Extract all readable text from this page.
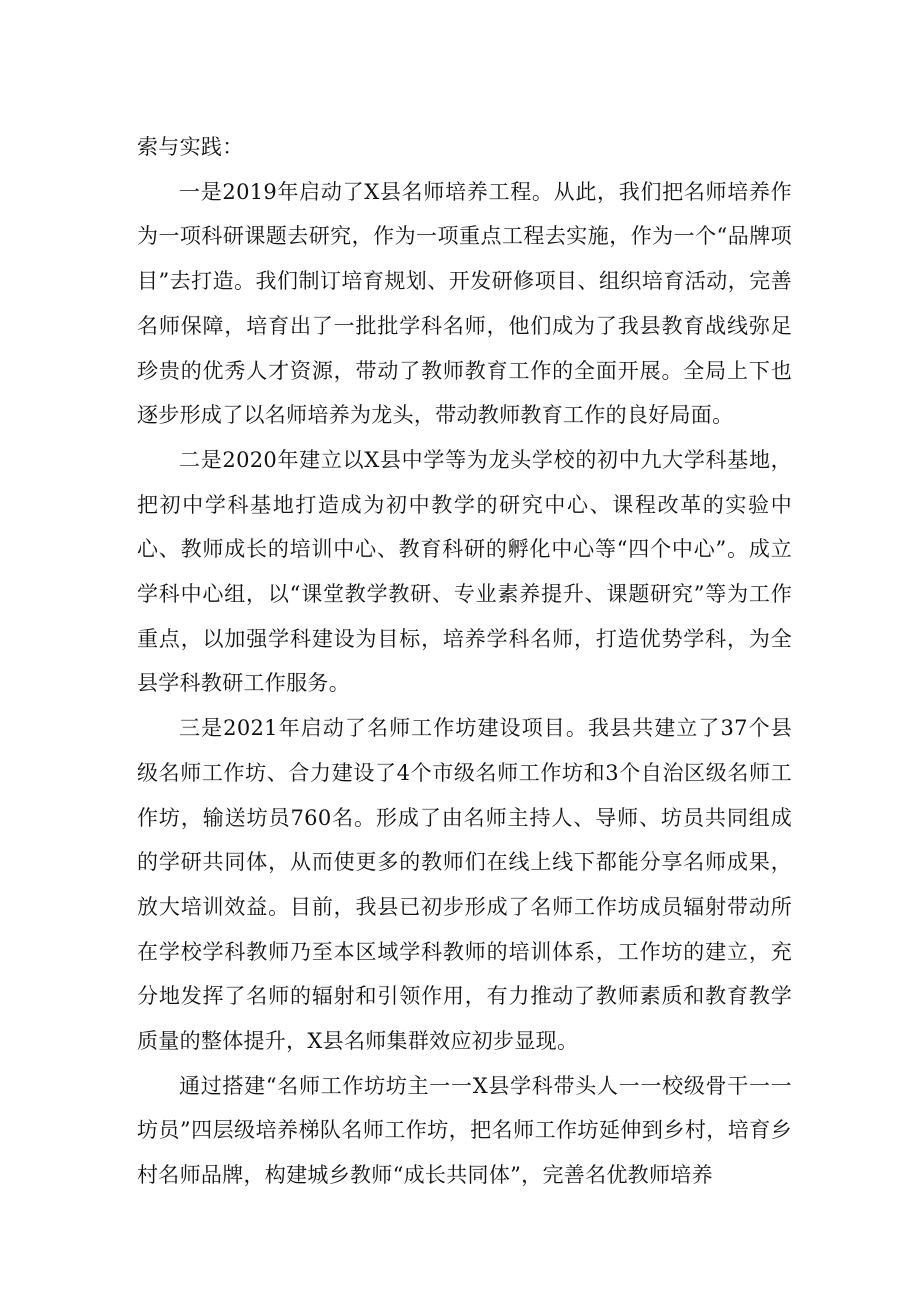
索与实践：

一是2019年启动了X县名师培养工程。从此，我们把名师培养作为一项科研课题去研究，作为一项重点工程去实施，作为一个“品牌项目”去打造。我们制订培育规划、开发研修项目、组织培育活动，完善名师保障，培育出了一批批学科名师，他们成为了我县教育战线弥足珍贵的优秀人才资源，带动了教师教育工作的全面开展。全局上下也逐步形成了以名师培养为龙头，带动教师教育工作的良好局面。

二是2020年建立以X县中学等为龙头学校的初中九大学科基地，把初中学科基地打造成为初中教学的研究中心、课程改革的实验中心、教师成长的培训中心、教育科研的孵化中心等“四个中心”。成立学科中心组，以“课堂教学教研、专业素养提升、课题研究”等为工作重点，以加强学科建设为目标，培养学科名师，打造优势学科，为全县学科教研工作服务。

三是2021年启动了名师工作坊建设项目。我县共建立了37个县级名师工作坊、合力建设了4个市级名师工作坊和3个自治区级名师工作坊，输送坊员760名。形成了由名师主持人、导师、坊员共同组成的学研共同体，从而使更多的教师们在线上线下都能分享名师成果，放大培训效益。目前，我县已初步形成了名师工作坊成员辐射带动所在学校学科教师乃至本区域学科教师的培训体系，工作坊的建立，充分地发挥了名师的辐射和引领作用，有力推动了教师素质和教育教学质量的整体提升，X县名师集群效应初步显现。

通过搭建“名师工作坊坊主一一X县学科带头人一一校级骨干一一坊员”四层级培养梯队名师工作坊，把名师工作坊延伸到乡村，培育乡村名师品牌，构建城乡教师“成长共同体”，完善名优教师培养
